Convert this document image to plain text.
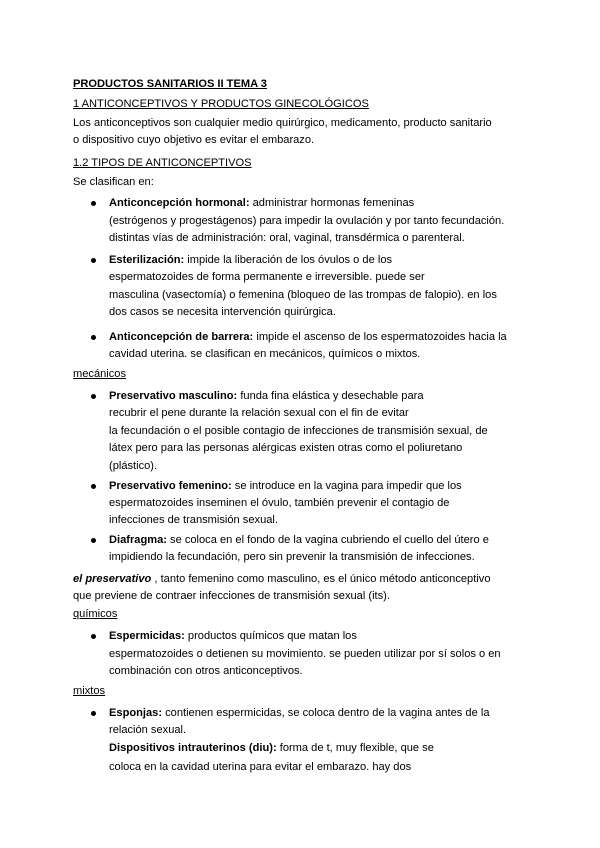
PRODUCTOS SANITARIOS II TEMA 3
1 ANTICONCEPTIVOS Y PRODUCTOS GINECOLÓGICOS
Los anticonceptivos son cualquier medio quirúrgico, medicamento, producto sanitario
o dispositivo cuyo objetivo es evitar el embarazo.
1.2 TIPOS DE ANTICONCEPTIVOS
Se clasifican en:
Anticoncepción hormonal: administrar hormonas femeninas
(estrógenos y progestágenos) para impedir la ovulación y por tanto fecundación.
distintas vías de administración: oral, vaginal, transdérmica o parenteral.
Esterilización: impide la liberación de los óvulos o de los
espermatozoides de forma permanente e irreversible. puede ser
masculina (vasectomía) o femenina (bloqueo de las trompas de falopio). en los
dos casos se necesita intervención quirúrgica.
Anticoncepción de barrera: impide el ascenso de los espermatozoides hacia la
cavidad uterina. se clasifican en mecánicos, químicos o mixtos.
mecánicos
Preservativo masculino: funda fina elástica y desechable para
recubrir el pene durante la relación sexual con el fin de evitar
la fecundación o el posible contagio de infecciones de transmisión sexual, de
látex pero para las personas alérgicas existen otras como el poliuretano
(plástico).
Preservativo femenino: se introduce en la vagina para impedir que los
espermatozoides inseminen el óvulo, también prevenir el contagio de
infecciones de transmisión sexual.
Diafragma: se coloca en el fondo de la vagina cubriendo el cuello del útero e
impidiendo la fecundación, pero sin prevenir la transmisión de infecciones.
el preservativo , tanto femenino como masculino, es el único método anticonceptivo
que previene de contraer infecciones de transmisión sexual (its).
químicos
Espermicidas: productos químicos que matan los
espermatozoides o detienen su movimiento. se pueden utilizar por sí solos o en
combinación con otros anticonceptivos.
mixtos
Esponjas: contienen espermicidas, se coloca dentro de la vagina antes de la
relación sexual.
Dispositivos intrauterinos (diu): forma de t, muy flexible, que se
coloca en la cavidad uterina para evitar el embarazo. hay dos
